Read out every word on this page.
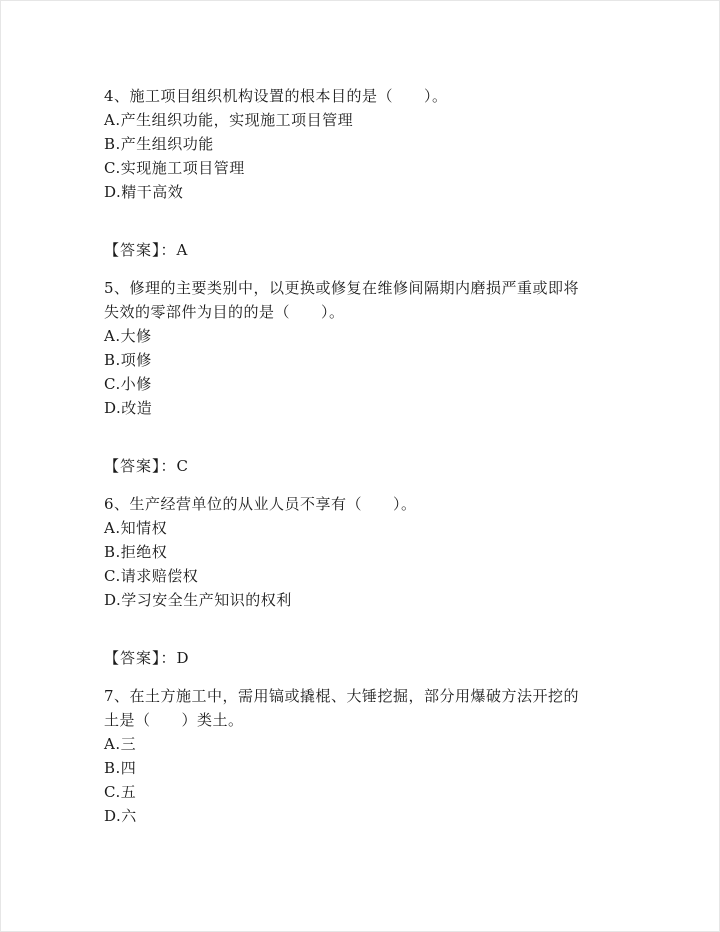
4、施工项目组织机构设置的根本目的是（　　）。
A.产生组织功能，实现施工项目管理
B.产生组织功能
C.实现施工项目管理
D.精干高效
【答案】：A
5、修理的主要类别中，以更换或修复在维修间隔期内磨损严重或即将
失效的零部件为目的的是（　　）。
A.大修
B.项修
C.小修
D.改造
【答案】：C
6、生产经营单位的从业人员不享有（　　）。
A.知情权
B.拒绝权
C.请求赔偿权
D.学习安全生产知识的权利
【答案】：D
7、在土方施工中，需用镐或撬棍、大锤挖掘，部分用爆破方法开挖的
土是（　　）类土。
A.三
B.四
C.五
D.六
